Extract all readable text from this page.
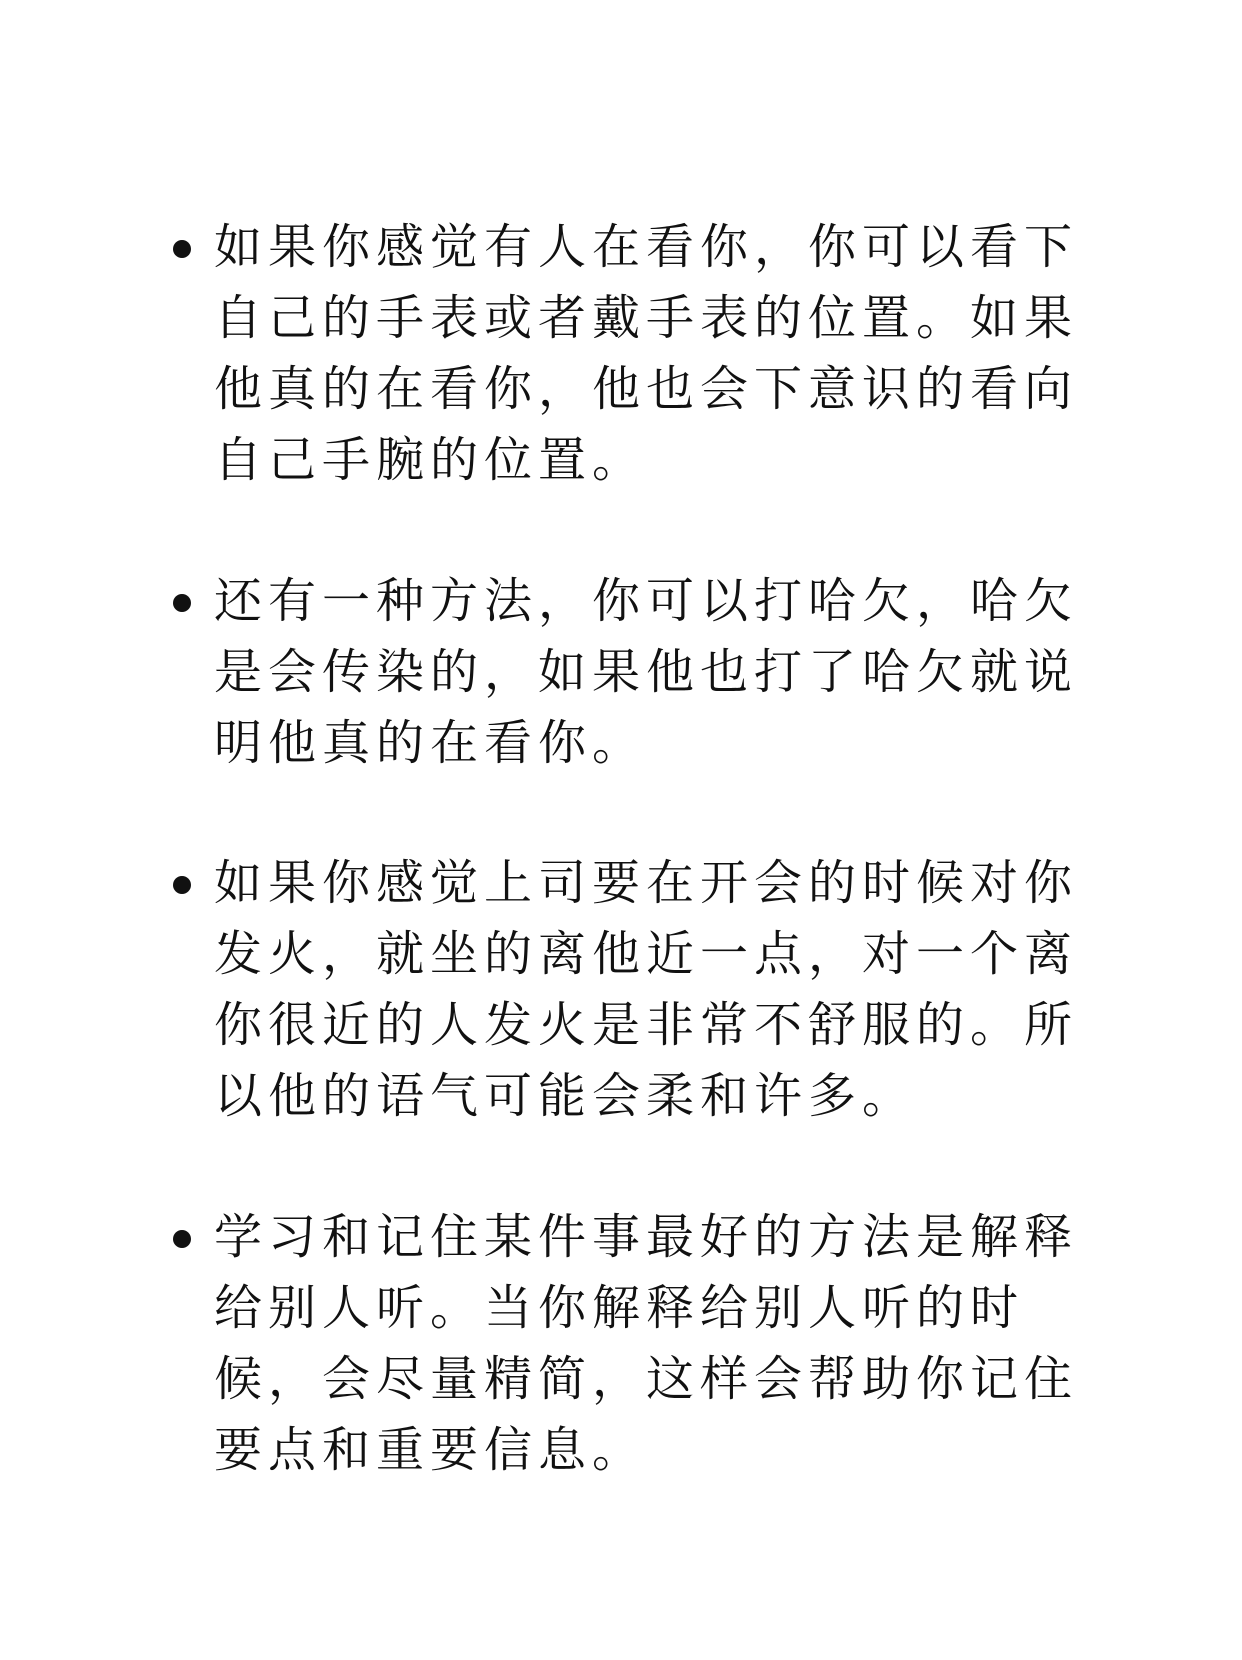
如果你感觉有人在看你，你可以看下自己的手表或者戴手表的位置。如果他真的在看你，他也会下意识的看向自己手腕的位置。

还有一种方法，你可以打哈欠，哈欠是会传染的，如果他也打了哈欠就说明他真的在看你。

如果你感觉上司要在开会的时候对你发火，就坐的离他近一点，对一个离你很近的人发火是非常不舒服的。所以他的语气可能会柔和许多。

学习和记住某件事最好的方法是解释给别人听。当你解释给别人听的时候，会尽量精简，这样会帮助你记住要点和重要信息。
